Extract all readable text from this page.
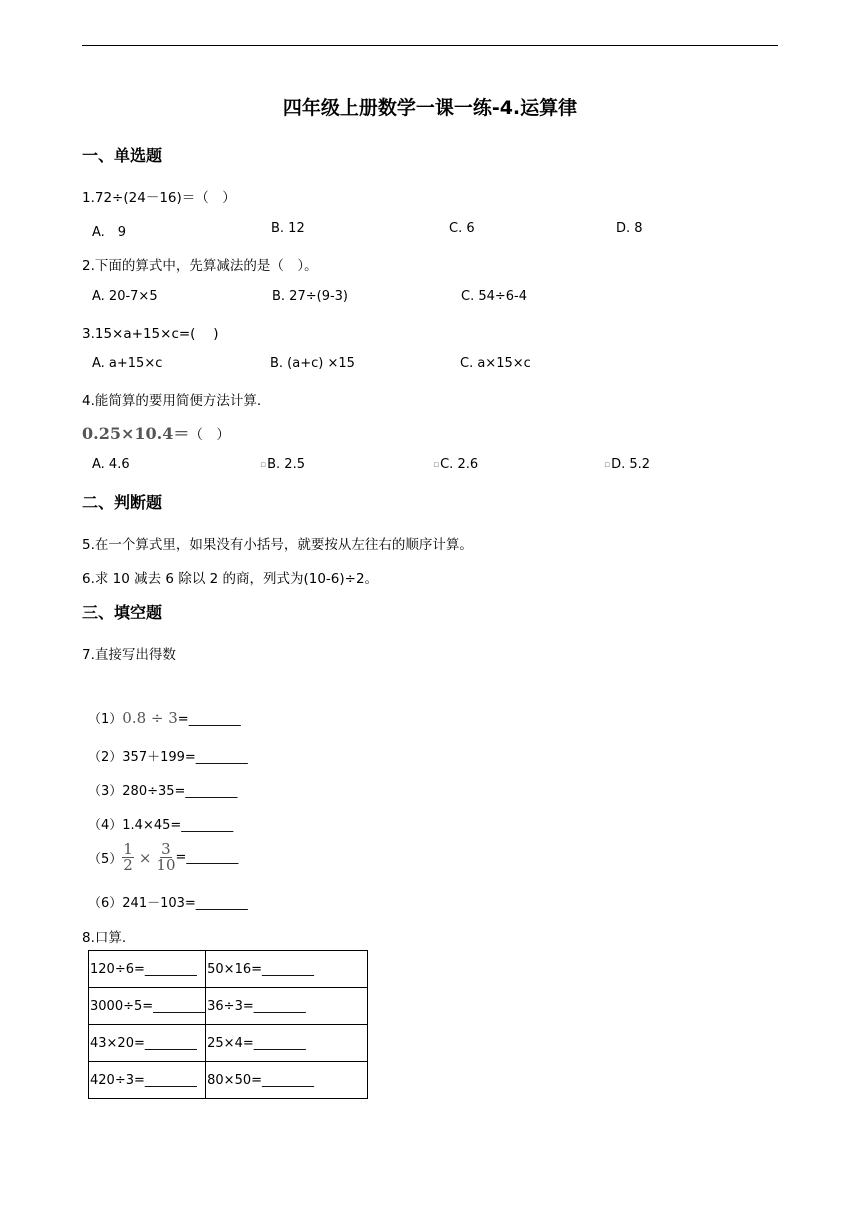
四年级上册数学一课一练-4.运算律
一、单选题
1.72÷(24－16)＝（　）
A.　9	B. 12	C. 6	D. 8
2.下面的算式中，先算减法的是（　）。
A. 20-7×5	B. 27÷(9-3)	C. 54÷6-4
3.15×a+15×c=(　 )
A. a+15×c	B. (a+c) ×15	C. a×15×c
4.能简算的要用简便方法计算.
0.25×10.4＝（　）
A. 4.6	▫B. 2.5	▫C. 2.6	▫D. 5.2
二、判断题
5.在一个算式里，如果没有小括号，就要按从左往右的顺序计算。
6.求 10 减去 6 除以 2 的商，列式为(10-6)÷2。
三、填空题
7.直接写出得数
（1）0.8 ÷ 3=________
（2）357＋199=________
（3）280÷35=________
（4）1.4×45=________
$(5) \frac{1}{2} \times \frac{3}{10}$ =________
（6）241－103=________
8.口算.
120÷6=________	50×16=________
3000÷5=________	36÷3=________
43×20=________	25×4=________
420÷3=________	80×50=________
